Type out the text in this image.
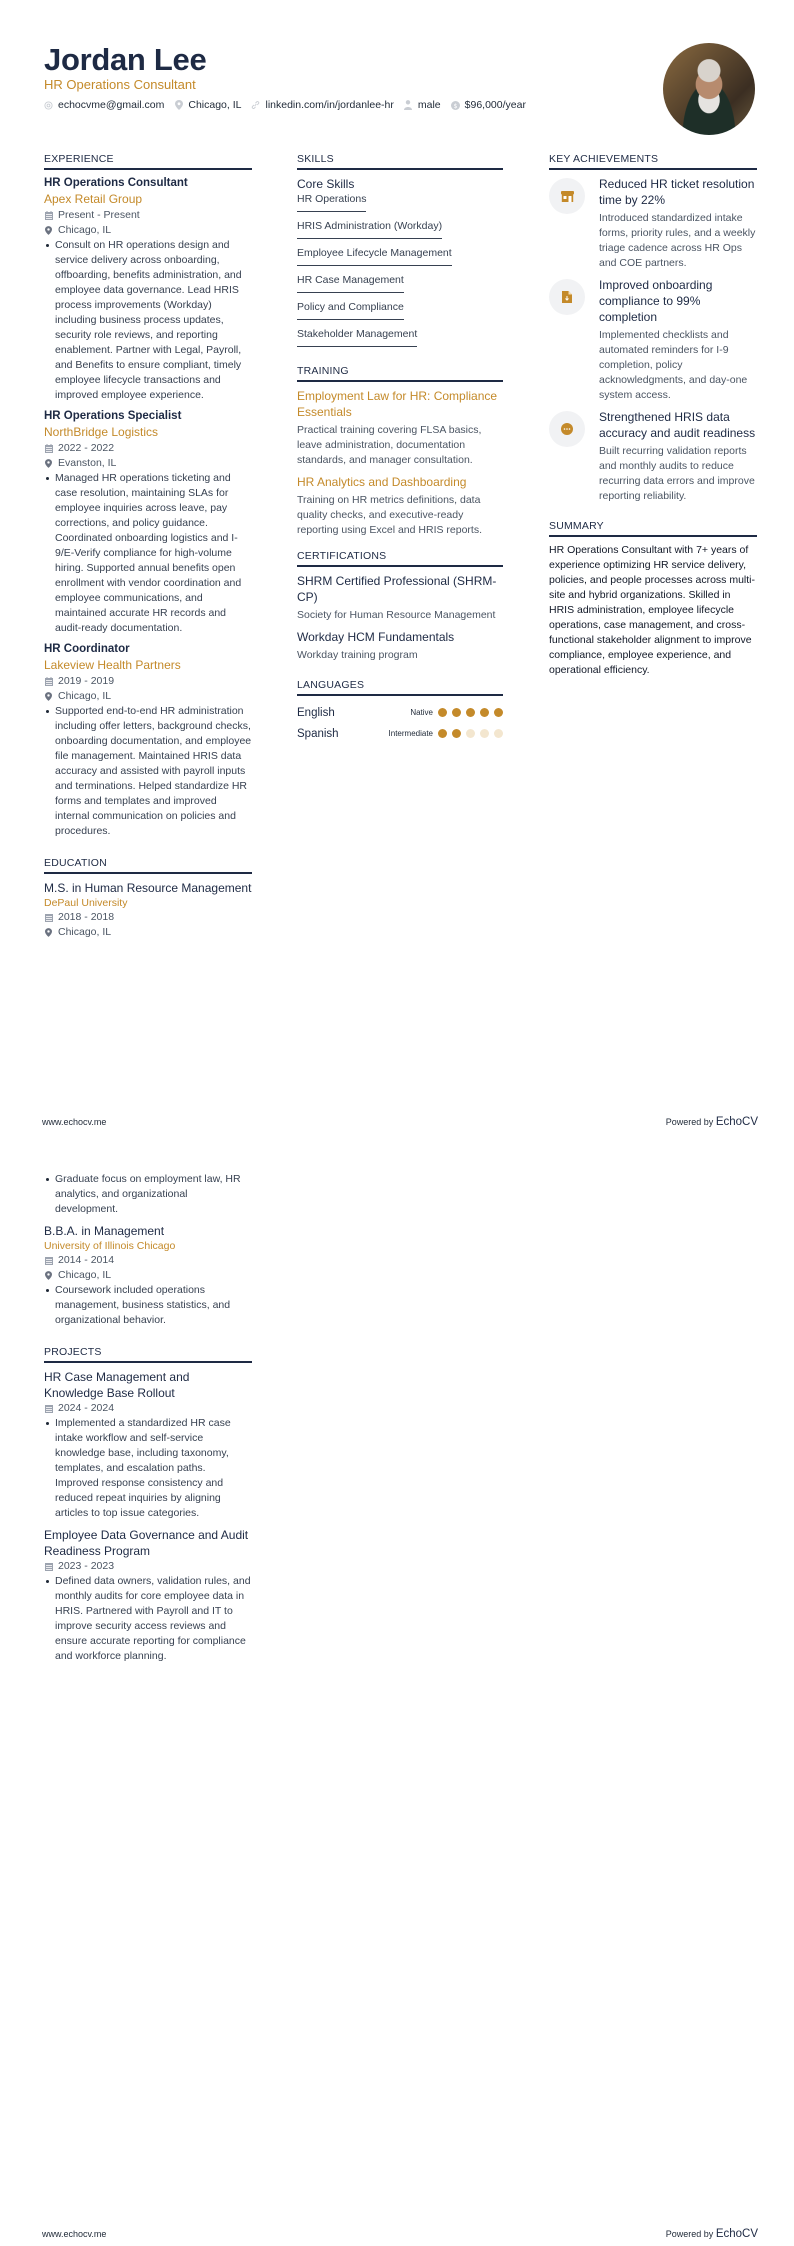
Jordan Lee
HR Operations Consultant
echocvme@gmail.com Chicago, IL linkedin.com/in/jordanlee-hr male $ $96,000/year
EXPERIENCE
HR Operations Consultant
Apex Retail Group
Present - Present
Chicago, IL
Consult on HR operations design and service delivery across onboarding, offboarding, benefits administration, and employee data governance. Lead HRIS process improvements (Workday) including business process updates, security role reviews, and reporting enablement. Partner with Legal, Payroll, and Benefits to ensure compliant, timely employee lifecycle transactions and improved employee experience.
HR Operations Specialist
NorthBridge Logistics
2022 - 2022
Evanston, IL
Managed HR operations ticketing and case resolution, maintaining SLAs for employee inquiries across leave, pay corrections, and policy guidance. Coordinated onboarding logistics and I-9/E-Verify compliance for high-volume hiring. Supported annual benefits open enrollment with vendor coordination and employee communications, and maintained accurate HR records and audit-ready documentation.
HR Coordinator
Lakeview Health Partners
2019 - 2019
Chicago, IL
Supported end-to-end HR administration including offer letters, background checks, onboarding documentation, and employee file management. Maintained HRIS data accuracy and assisted with payroll inputs and terminations. Helped standardize HR forms and templates and improved internal communication on policies and procedures.
EDUCATION
M.S. in Human Resource Management
DePaul University
2018 - 2018
Chicago, IL
SKILLS
Core Skills
HR Operations
HRIS Administration (Workday)
Employee Lifecycle Management
HR Case Management
Policy and Compliance
Stakeholder Management
TRAINING
Employment Law for HR: Compliance Essentials
Practical training covering FLSA basics, leave administration, documentation standards, and manager consultation.
HR Analytics and Dashboarding
Training on HR metrics definitions, data quality checks, and executive-ready reporting using Excel and HRIS reports.
CERTIFICATIONS
SHRM Certified Professional (SHRM-CP)
Society for Human Resource Management
Workday HCM Fundamentals
Workday training program
LANGUAGES
English	Native
Spanish	Intermediate
KEY ACHIEVEMENTS
Reduced HR ticket resolution time by 22%
Introduced standardized intake forms, priority rules, and a weekly triage cadence across HR Ops and COE partners.
Improved onboarding compliance to 99% completion
Implemented checklists and automated reminders for I-9 completion, policy acknowledgments, and day-one system access.
Strengthened HRIS data accuracy and audit readiness
Built recurring validation reports and monthly audits to reduce recurring data errors and improve reporting reliability.
SUMMARY
HR Operations Consultant with 7+ years of experience optimizing HR service delivery, policies, and people processes across multi-site and hybrid organizations. Skilled in HRIS administration, employee lifecycle operations, case management, and cross-functional stakeholder alignment to improve compliance, employee experience, and operational efficiency.
www.echocv.me	Powered by EchoCV
Graduate focus on employment law, HR analytics, and organizational development.
B.B.A. in Management
University of Illinois Chicago
2014 - 2014
Chicago, IL
Coursework included operations management, business statistics, and organizational behavior.
PROJECTS
HR Case Management and Knowledge Base Rollout
2024 - 2024
Implemented a standardized HR case intake workflow and self-service knowledge base, including taxonomy, templates, and escalation paths. Improved response consistency and reduced repeat inquiries by aligning articles to top issue categories.
Employee Data Governance and Audit Readiness Program
2023 - 2023
Defined data owners, validation rules, and monthly audits for core employee data in HRIS. Partnered with Payroll and IT to improve security access reviews and ensure accurate reporting for compliance and workforce planning.
www.echocv.me	Powered by EchoCV
